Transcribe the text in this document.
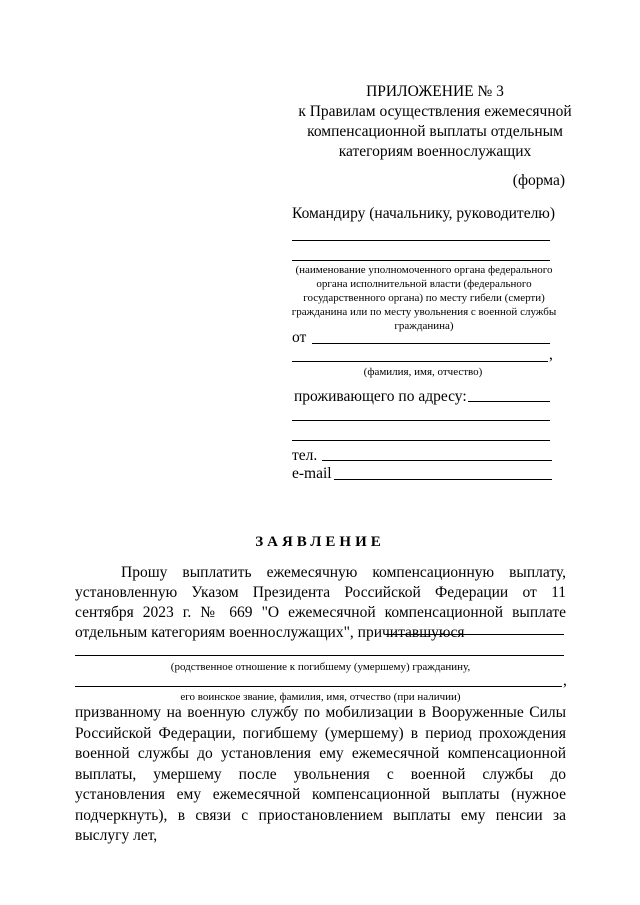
ПРИЛОЖЕНИЕ № 3
к Правилам осуществления ежемесячной
компенсационной выплаты отдельным
категориям военнослужащих
(форма)
Командиру (начальнику, руководителю)
(наименование уполномоченного органа федерального органа исполнительной власти (федерального государственного органа) по месту гибели (смерти) гражданина или по месту увольнения с военной службы гражданина)
от
,
(фамилия, имя, отчество)
проживающего по адресу:
тел.
e-mail
ЗАЯВЛЕНИЕ
Прошу выплатить ежемесячную компенсационную выплату, установленную Указом Президента Российской Федерации от 11 сентября 2023 г. № 669 "О ежемесячной компенсационной выплате отдельным категориям военнослужащих", причитавшуюся
(родственное отношение к погибшему (умершему) гражданину,
,
его воинское звание, фамилия, имя, отчество (при наличии)
призванному на военную службу по мобилизации в Вооруженные Силы Российской Федерации, погибшему (умершему) в период прохождения военной службы до установления ему ежемесячной компенсационной выплаты, умершему после увольнения с военной службы до установления ему ежемесячной компенсационной выплаты (нужное подчеркнуть), в связи с приостановлением выплаты ему пенсии за выслугу лет,
